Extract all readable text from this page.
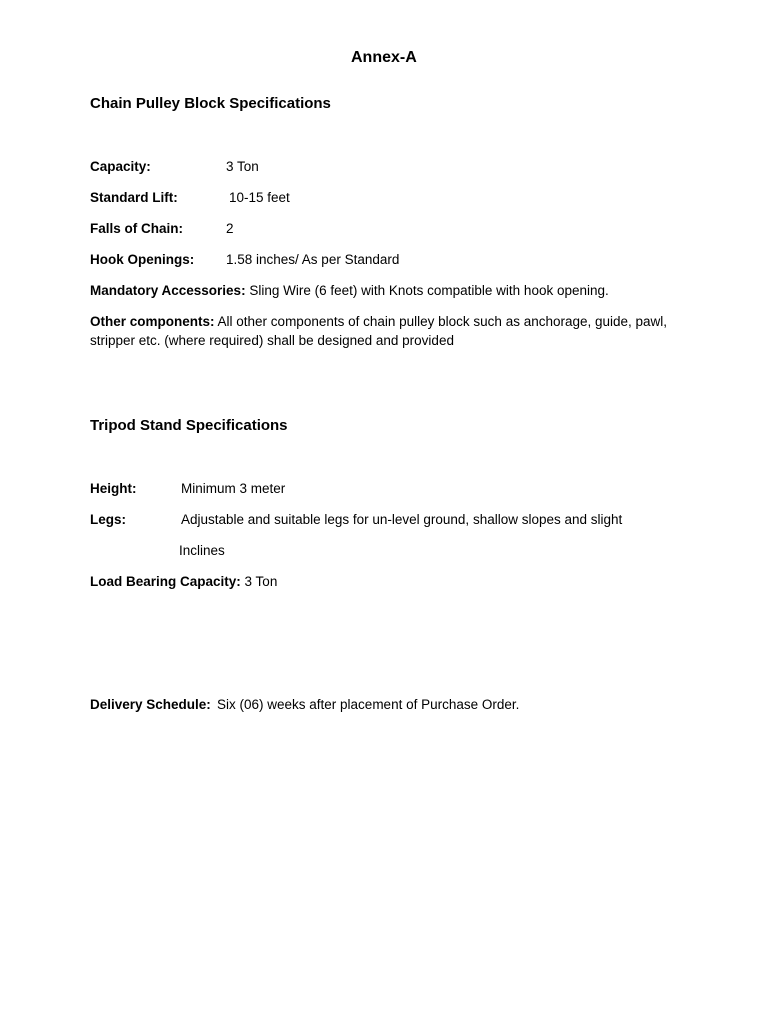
Annex-A
Chain Pulley Block Specifications
Capacity:	3 Ton
Standard Lift:	10-15 feet
Falls of Chain:	2
Hook Openings: 1.58 inches/ As per Standard
Mandatory Accessories: Sling Wire (6 feet) with Knots compatible with hook opening.
Other components: All other components of chain pulley block such as anchorage, guide, pawl, stripper etc. (where required) shall be designed and provided
Tripod Stand Specifications
Height:	Minimum 3 meter
Legs:	Adjustable and suitable legs for un-level ground, shallow slopes and slight
Inclines
Load Bearing Capacity: 3 Ton
Delivery Schedule: Six (06) weeks after placement of Purchase Order.
